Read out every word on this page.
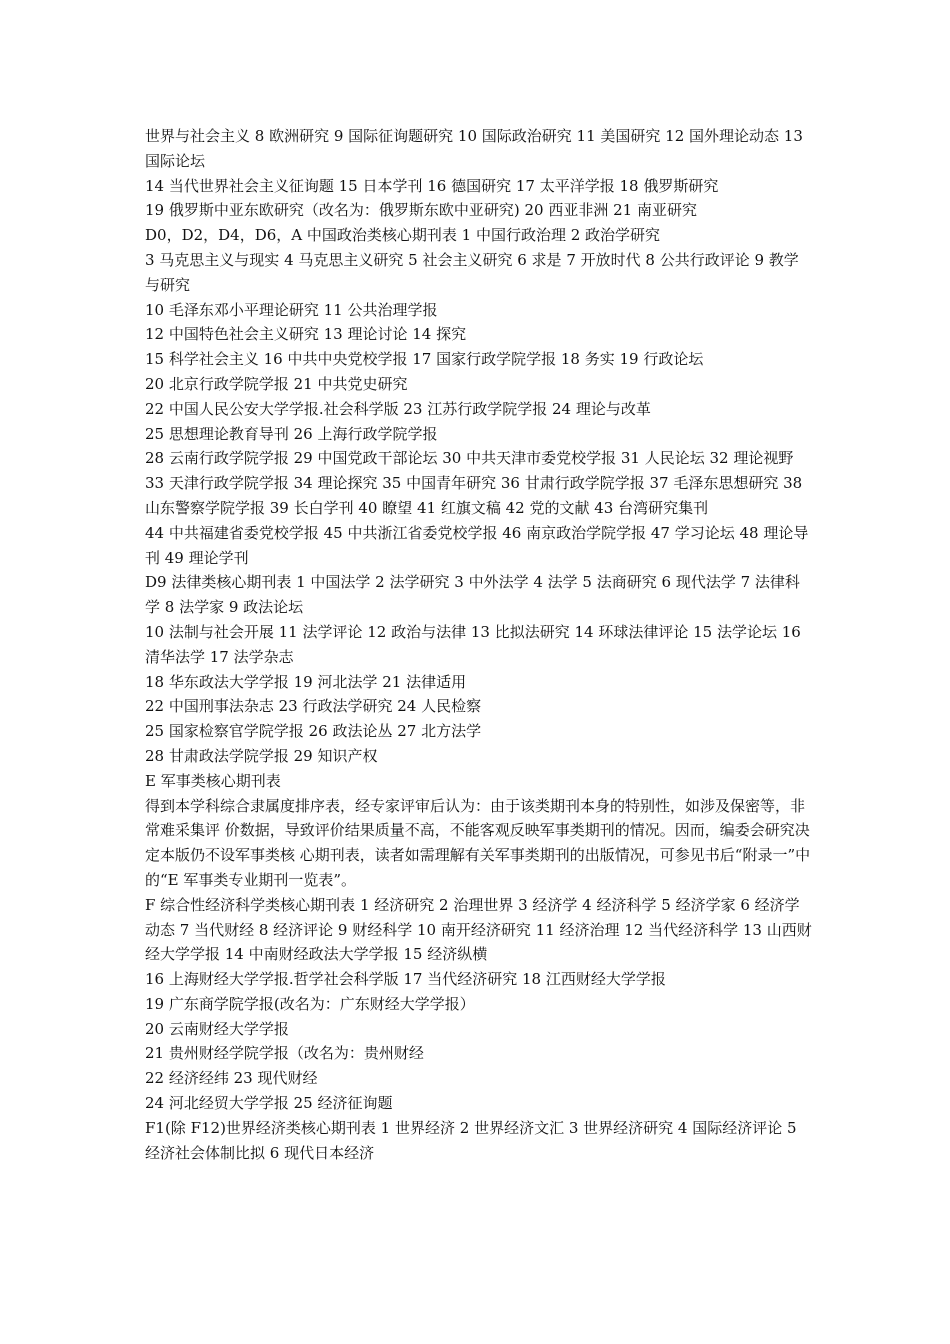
世界与社会主义 8 欧洲研究 9 国际征询题研究 10 国际政治研究 11 美国研究 12 国外理论动态 13 国际论坛

14 当代世界社会主义征询题 15 日本学刊 16 德国研究 17 太平洋学报 18 俄罗斯研究

19 俄罗斯中亚东欧研究（改名为：俄罗斯东欧中亚研究) 20 西亚非洲 21 南亚研究

D0，D2，D4，D6，A 中国政治类核心期刊表 1 中国行政治理 2 政治学研究

3 马克思主义与现实 4 马克思主义研究 5 社会主义研究 6 求是 7 开放时代 8 公共行政评论 9 教学与研究

10 毛泽东邓小平理论研究 11 公共治理学报

12 中国特色社会主义研究 13 理论讨论 14 探究

15 科学社会主义 16 中共中央党校学报 17 国家行政学院学报 18 务实 19 行政论坛

20 北京行政学院学报 21 中共党史研究

22 中国人民公安大学学报.社会科学版 23 江苏行政学院学报 24 理论与改革

25 思想理论教育导刊 26 上海行政学院学报

28 云南行政学院学报 29 中国党政干部论坛 30 中共天津市委党校学报 31 人民论坛 32 理论视野

33 天津行政学院学报 34 理论探究 35 中国青年研究 36 甘肃行政学院学报 37 毛泽东思想研究 38 山东警察学院学报 39 长白学刊 40 瞭望 41 红旗文稿 42 党的文献 43 台湾研究集刊

44 中共福建省委党校学报 45 中共浙江省委党校学报 46 南京政治学院学报 47 学习论坛 48 理论导刊 49 理论学刊

D9 法律类核心期刊表 1 中国法学 2 法学研究 3 中外法学 4 法学 5 法商研究 6 现代法学 7 法律科学 8 法学家 9 政法论坛

10 法制与社会开展 11 法学评论 12 政治与法律 13 比拟法研究 14 环球法律评论 15 法学论坛 16 清华法学 17 法学杂志

18 华东政法大学学报 19 河北法学 21 法律适用

22 中国刑事法杂志 23 行政法学研究 24 人民检察

25 国家检察官学院学报 26 政法论丛 27 北方法学

28 甘肃政法学院学报 29 知识产权

E 军事类核心期刊表

得到本学科综合隶属度排序表，经专家评审后认为：由于该类期刊本身的特别性，如涉及保密等，非常难采集评 价数据，导致评价结果质量不高，不能客观反映军事类期刊的情况。因而，编委会研究决定本版仍不设军事类核 心期刊表，读者如需理解有关军事类期刊的出版情况，可参见书后“附录一”中的“E 军事类专业期刊一览表”。

F 综合性经济科学类核心期刊表 1 经济研究 2 治理世界 3 经济学 4 经济科学 5 经济学家 6 经济学动态 7 当代财经 8 经济评论 9 财经科学 10 南开经济研究 11 经济治理 12 当代经济科学 13 山西财经大学学报 14 中南财经政法大学学报 15 经济纵横

16 上海财经大学学报.哲学社会科学版 17 当代经济研究 18 江西财经大学学报

19 广东商学院学报(改名为：广东财经大学学报）

20 云南财经大学学报

21 贵州财经学院学报（改名为：贵州财经

22 经济经纬 23 现代财经

24 河北经贸大学学报 25 经济征询题

F1(除 F12)世界经济类核心期刊表 1 世界经济 2 世界经济文汇 3 世界经济研究 4 国际经济评论 5 经济社会体制比拟 6 现代日本经济
